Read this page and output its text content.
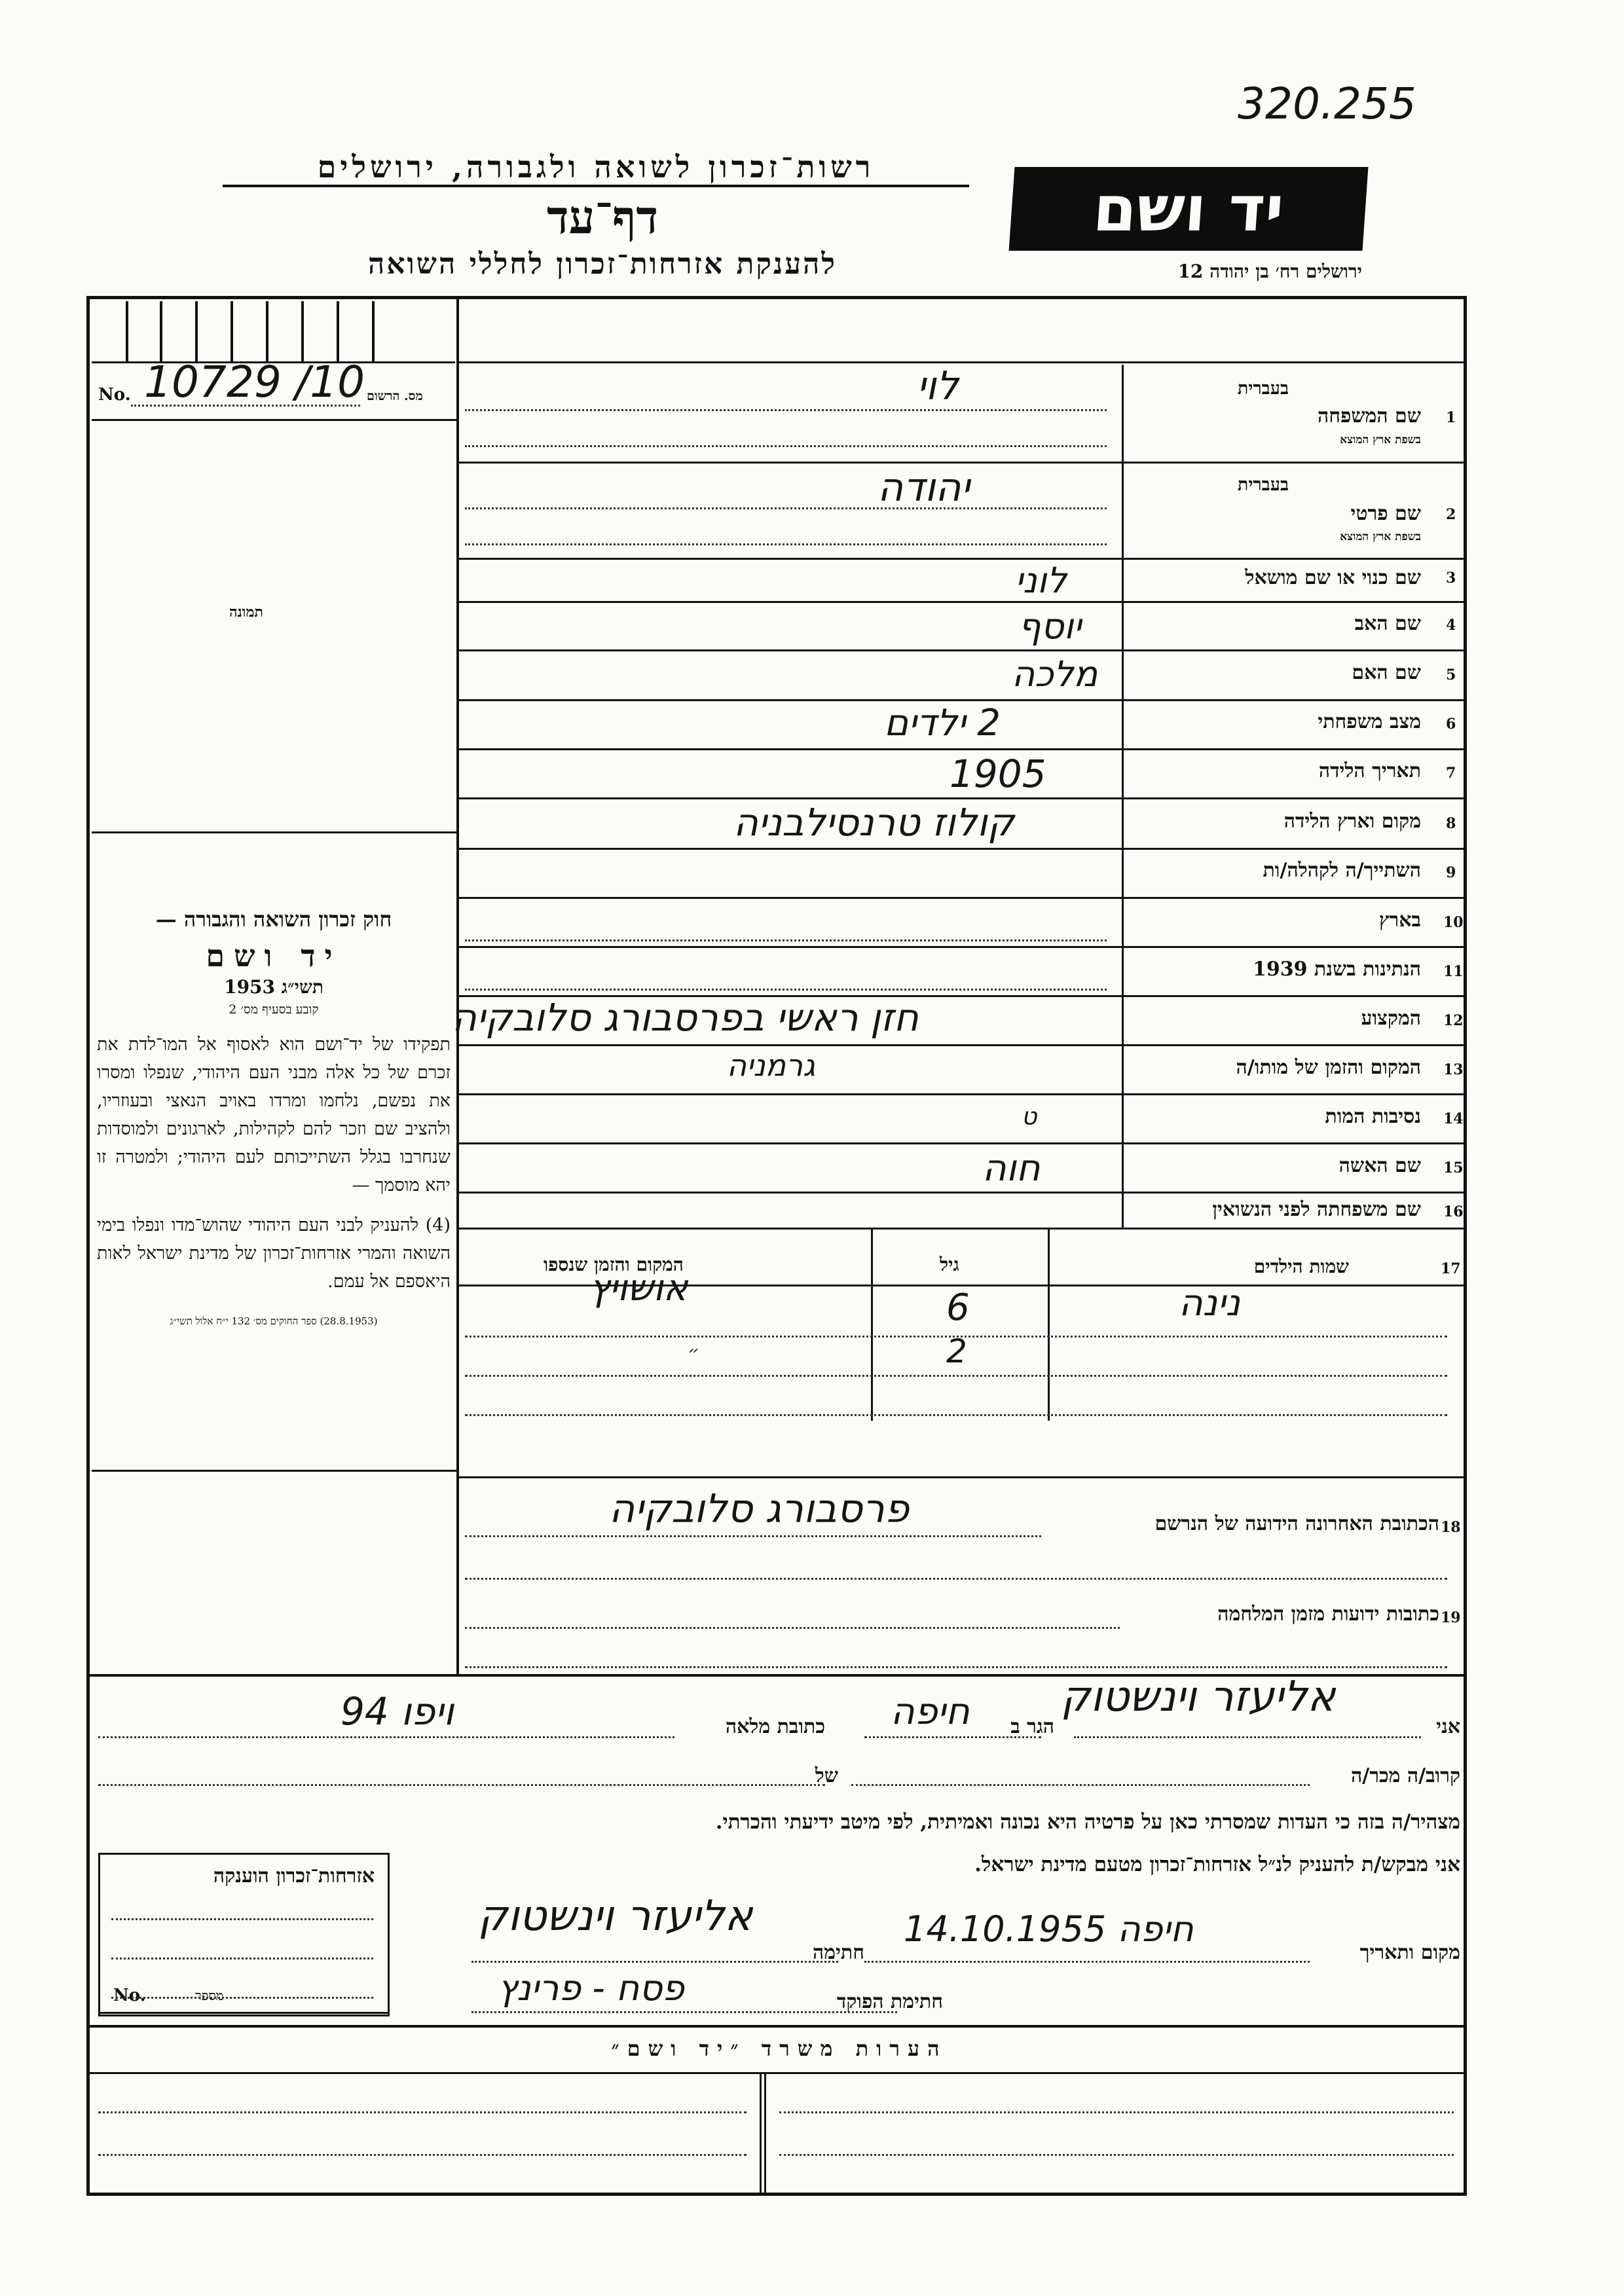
320.255
רשות־זכרון לשואה ולגבורה, ירושלים
דף־עד
להענקת אזרחות־זכרון לחללי השואה
יד ושם
ירושלים רח׳ בן יהודה 12
No. 10729 /10 מס. הרשום
תמונה

חוק זכרון השואה והגבורה —

יד ושם

תשי״ג 1953

קובע בסעיף מס׳ 2

תפקידו של יד־ושם הוא לאסוף אל המו־לדת את זכרם של כל אלה מבני העם היהודי, שנפלו ומסרו את נפשם, נלחמו ומרדו באויב הנאצי ובעוזריו, ולהציב שם וזכר להם לקהילות, לארגונים ולמוסדות שנחרבו בגלל השתייכותם לעם היהודי; ולמטרה זו יהא מוסמך —

(4) להעניק לבני העם היהודי שהוש־מדו ונפלו בימי השואה והמרי אזרחות־זכרון של מדינת ישראל לאות היאספם אל עמם.

(28.8.1953) ספר החוקים מס׳ 132 י״ח אלול תשי״ג

בעברית
שם המשפחה
בשפת ארץ המוצא
1
לוי
בעברית
שם פרטי
בשפת ארץ המוצא
2
יהודה
שם כנוי או שם מושאל 3
לוני
שם האב 4
יוסף
שם האם 5
מלכה
מצב משפחתי 6
2 ילדים
תאריך הלידה 7
1905
מקום וארץ הלידה 8
קולוז טרנסילבניה
השתייך/ה לקהלה/ות 9
בארץ 10
הנתינות בשנת 1939 11
המקצוע 12
חזן ראשי בפרסבורג סלובקיה
המקום והזמן של מותו/ה 13
גרמניה
נסיבות המות 14
ט
שם האשה 15
חוה
שם משפחתה לפני הנשואין 16
17
שמות הילדים
גיל
המקום והזמן שנספו
נינה
6
אושויץ
2
״
18
הכתובת האחרונה הידועה של הנרשם
פרסבורג סלובקיה
19
כתובות ידועות מזמן המלחמה
אני
אליעזר וינשטוק
הגר ב
חיפה
כתובת מלאה
ויפו 94
קרוב/ה מכר/ה
של
מצהיר/ה בזה כי העדות שמסרתי כאן על פרטיה היא נכונה ואמיתית, לפי מיטב ידיעתי והכרתי.
אני מבקש/ת להעניק לנ״ל אזרחות־זכרון מטעם מדינת ישראל.
אזרחות־זכרון הוענקה
No.	מספר
מקום ותאריך
חיפה 14.10.1955
חתימה
אליעזר וינשטוק
חתימת הפוקד
פסח - פרינץ
הערות משרד ״יד ושם״
